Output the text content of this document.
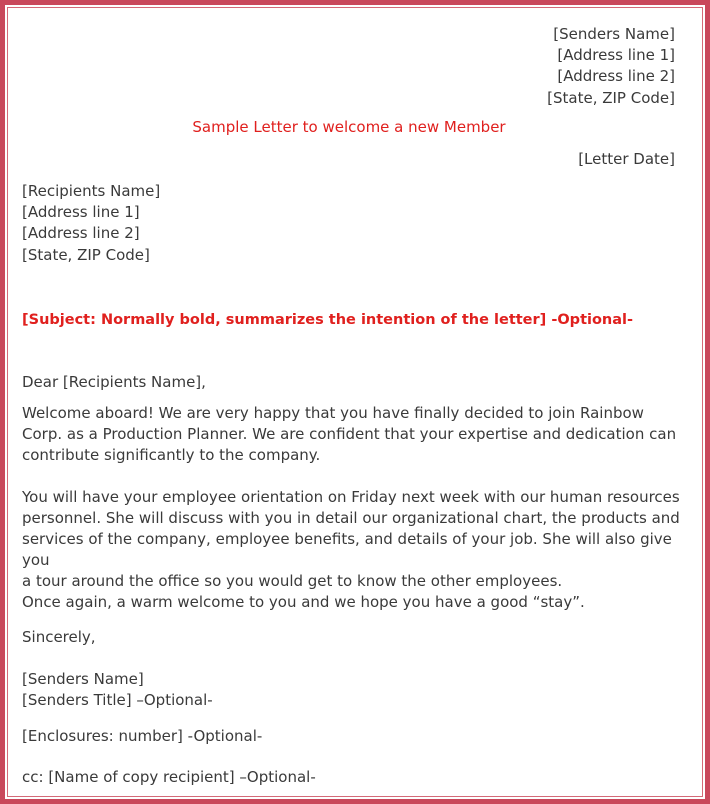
[Senders Name]
[Address line 1]
[Address line 2]
[State, ZIP Code]
Sample Letter to welcome a new Member
[Letter Date]
[Recipients Name]
[Address line 1]
[Address line 2]
[State, ZIP Code]
[Subject: Normally bold, summarizes the intention of the letter] -Optional-
Dear [Recipients Name],
Welcome aboard! We are very happy that you have finally decided to join Rainbow
Corp. as a Production Planner. We are confident that your expertise and dedication can
contribute significantly to the company.
You will have your employee orientation on Friday next week with our human resources
personnel. She will discuss with you in detail our organizational chart, the products and
services of the company, employee benefits, and details of your job. She will also give you
a tour around the office so you would get to know the other employees.
Once again, a warm welcome to you and we hope you have a good “stay”.
Sincerely,
[Senders Name]
[Senders Title] –Optional-
[Enclosures: number] -Optional-
cc: [Name of copy recipient] –Optional-
